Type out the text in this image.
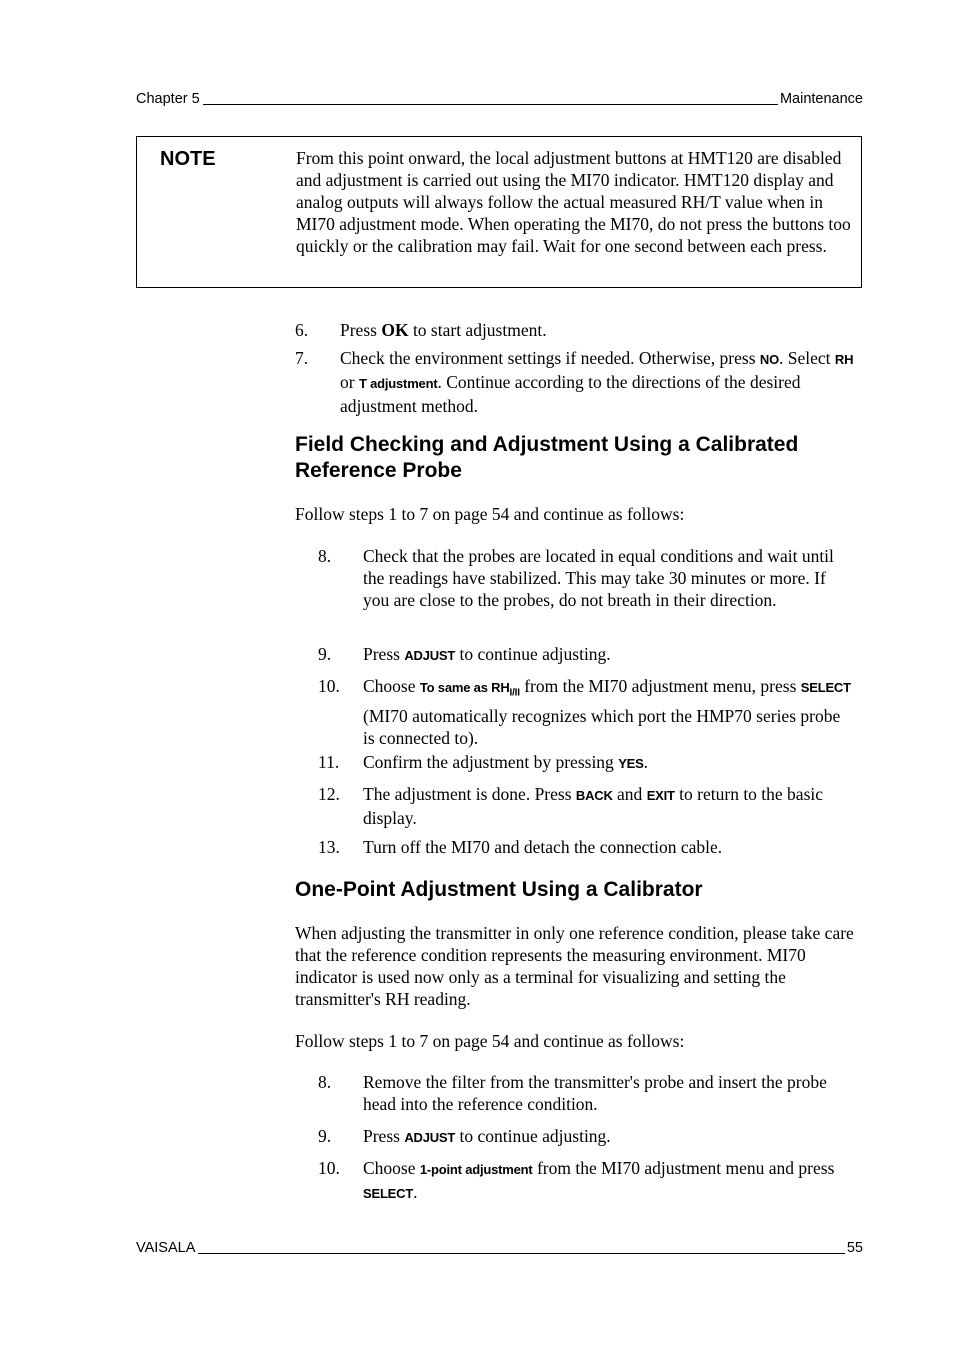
Chapter 5	Maintenance
NOTE	From this point onward, the local adjustment buttons at HMT120 are disabled and adjustment is carried out using the MI70 indicator. HMT120 display and analog outputs will always follow the actual measured RH/T value when in MI70 adjustment mode. When operating the MI70, do not press the buttons too quickly or the calibration may fail. Wait for one second between each press.
6. Press OK to start adjustment.
7. Check the environment settings if needed. Otherwise, press NO. Select RH or T adjustment. Continue according to the directions of the desired adjustment method.
Field Checking and Adjustment Using a Calibrated Reference Probe
Follow steps 1 to 7 on page 54 and continue as follows:
8. Check that the probes are located in equal conditions and wait until the readings have stabilized. This may take 30 minutes or more. If you are close to the probes, do not breath in their direction.
9. Press ADJUST to continue adjusting.
10. Choose To same as $RH_{I/II}$ from the MI70 adjustment menu, press SELECT (MI70 automatically recognizes which port the HMP70 series probe is connected to).
11. Confirm the adjustment by pressing YES.
12. The adjustment is done. Press BACK and EXIT to return to the basic display.
13. Turn off the MI70 and detach the connection cable.
One-Point Adjustment Using a Calibrator
When adjusting the transmitter in only one reference condition, please take care that the reference condition represents the measuring environment. MI70 indicator is used now only as a terminal for visualizing and setting the transmitter's RH reading.
Follow steps 1 to 7 on page 54 and continue as follows:
8. Remove the filter from the transmitter's probe and insert the probe head into the reference condition.
9. Press ADJUST to continue adjusting.
10. Choose 1-point adjustment from the MI70 adjustment menu and press SELECT.
VAISALA	55
